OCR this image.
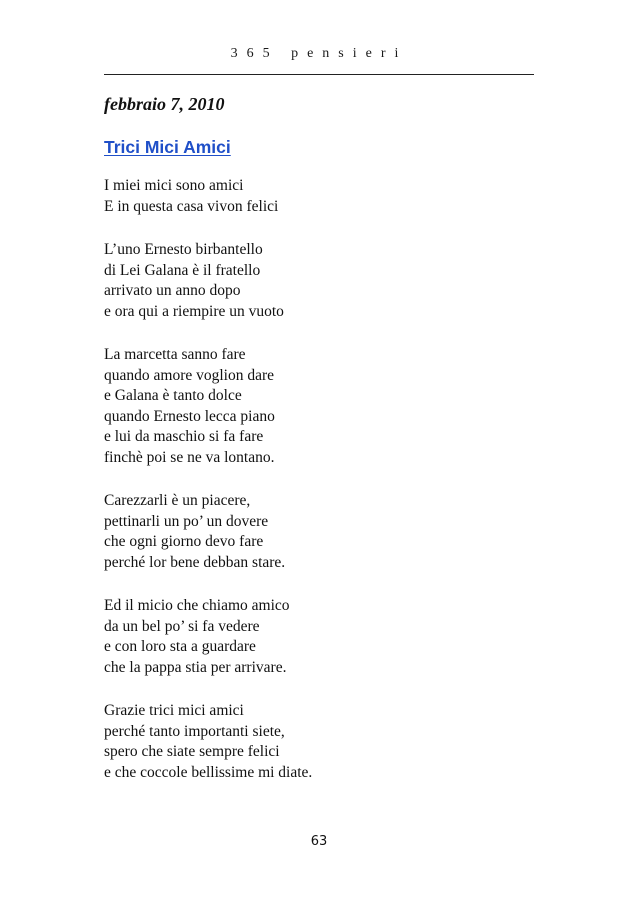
365 pensieri
febbraio 7, 2010
Trici Mici Amici
I miei mici sono amici
E in questa casa vivon felici
L’uno Ernesto birbantello
di Lei Galana è il fratello
arrivato un anno dopo
e ora qui a riempire un vuoto
La marcetta sanno fare
quando amore voglion dare
e Galana è tanto dolce
quando Ernesto lecca piano
e lui da maschio si fa fare
finchè poi se ne va lontano.
Carezzarli è un piacere,
pettinarli un po’ un dovere
che ogni giorno devo fare
perché lor bene debban stare.
Ed il micio che chiamo amico
da un bel po’ si fa vedere
e con loro sta a guardare
che la pappa stia per arrivare.
Grazie trici mici amici
perché tanto importanti siete,
spero che siate sempre felici
e che coccole bellissime mi diate.
63
